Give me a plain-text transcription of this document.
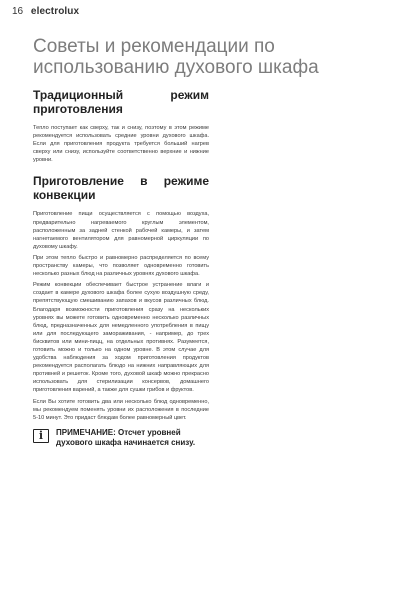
16 electrolux
Советы и рекомендации по использованию духового шкафа
Традиционный режим приготовления

Тепло поступает как сверху, так и снизу, поэтому в этом режиме рекомендуется использовать средние уровни духового шкафа. Если для приготовления продукта требуется больший нагрев сверху или снизу, используйте соответственно верхние и нижние уровни.

Приготовление в режиме конвекции

Приготовление пищи осуществляется с помощью воздуха, предварительно нагреваемого круглым элементом, расположенным за задней стенкой рабочей камеры, и затем нагнетаемого вентилятором для равномерной циркуляции по духовому шкафу.

При этом тепло быстро и равномерно распределяется по всему пространству камеры, что позволяет одновременно готовить несколько разных блюд на различных уровнях духового шкафа.

Режим конвекции обеспечивает быстрое устранение влаги и создает в камере духового шкафа более сухую воздушную среду, препятствующую смешиванию запахов и вкусов различных блюд. Благодаря возможности приготовления сразу на нескольких уровнях вы можете готовить одновременно несколько различных блюд, предназначенных для немедленного употребления в пищу или для последующего замораживания, - например, до трех бисквитов или мини-пицц, на отдельных противнях. Разумеется, готовить можно и только на одном уровне. В этом случае для удобства наблюдения за ходом приготовления продуктов рекомендуется располагать блюдо на нижних направляющих для противней и решеток. Кроме того, духовой шкаф можно прекрасно использовать для стерилизации консервов, домашнего приготовления варений, а также для сушки грибов и фруктов.

Если Вы хотите готовить два или несколько блюд одновременно, мы рекомендуем поменять уровни их расположения в последние 5-10 минут. Это придаст блюдам более равномерный цвет.

i	ПРИМЕЧАНИЕ: Отсчет уровней духового шкафа начинается снизу.
